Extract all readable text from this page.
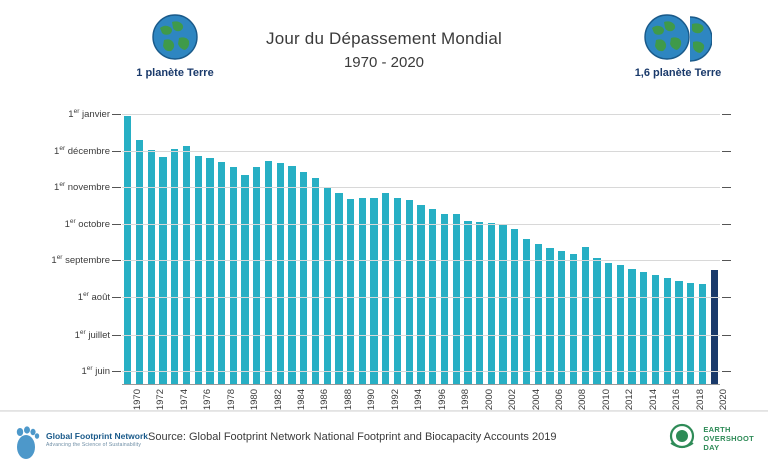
1 planète Terre
Jour du Dépassement Mondial
1970 - 2020
1,6 planète Terre
1er juin
1er juillet
1er août
1er septembre
1er octobre
1er novembre
1er décembre
1er janvier
1970 1972 1974 1976 1978 1980 1982 1984 1986 1988 1990 1992 1994 1996 1998 2000 2002 2004 2006 2008 2010 2012 2014 2016 2018 2020
Global Footprint Network
Advancing the Science of Sustainability
Source: Global Footprint Network National Footprint and Biocapacity Accounts 2019
EARTH
OVERSHOOT
DAY
